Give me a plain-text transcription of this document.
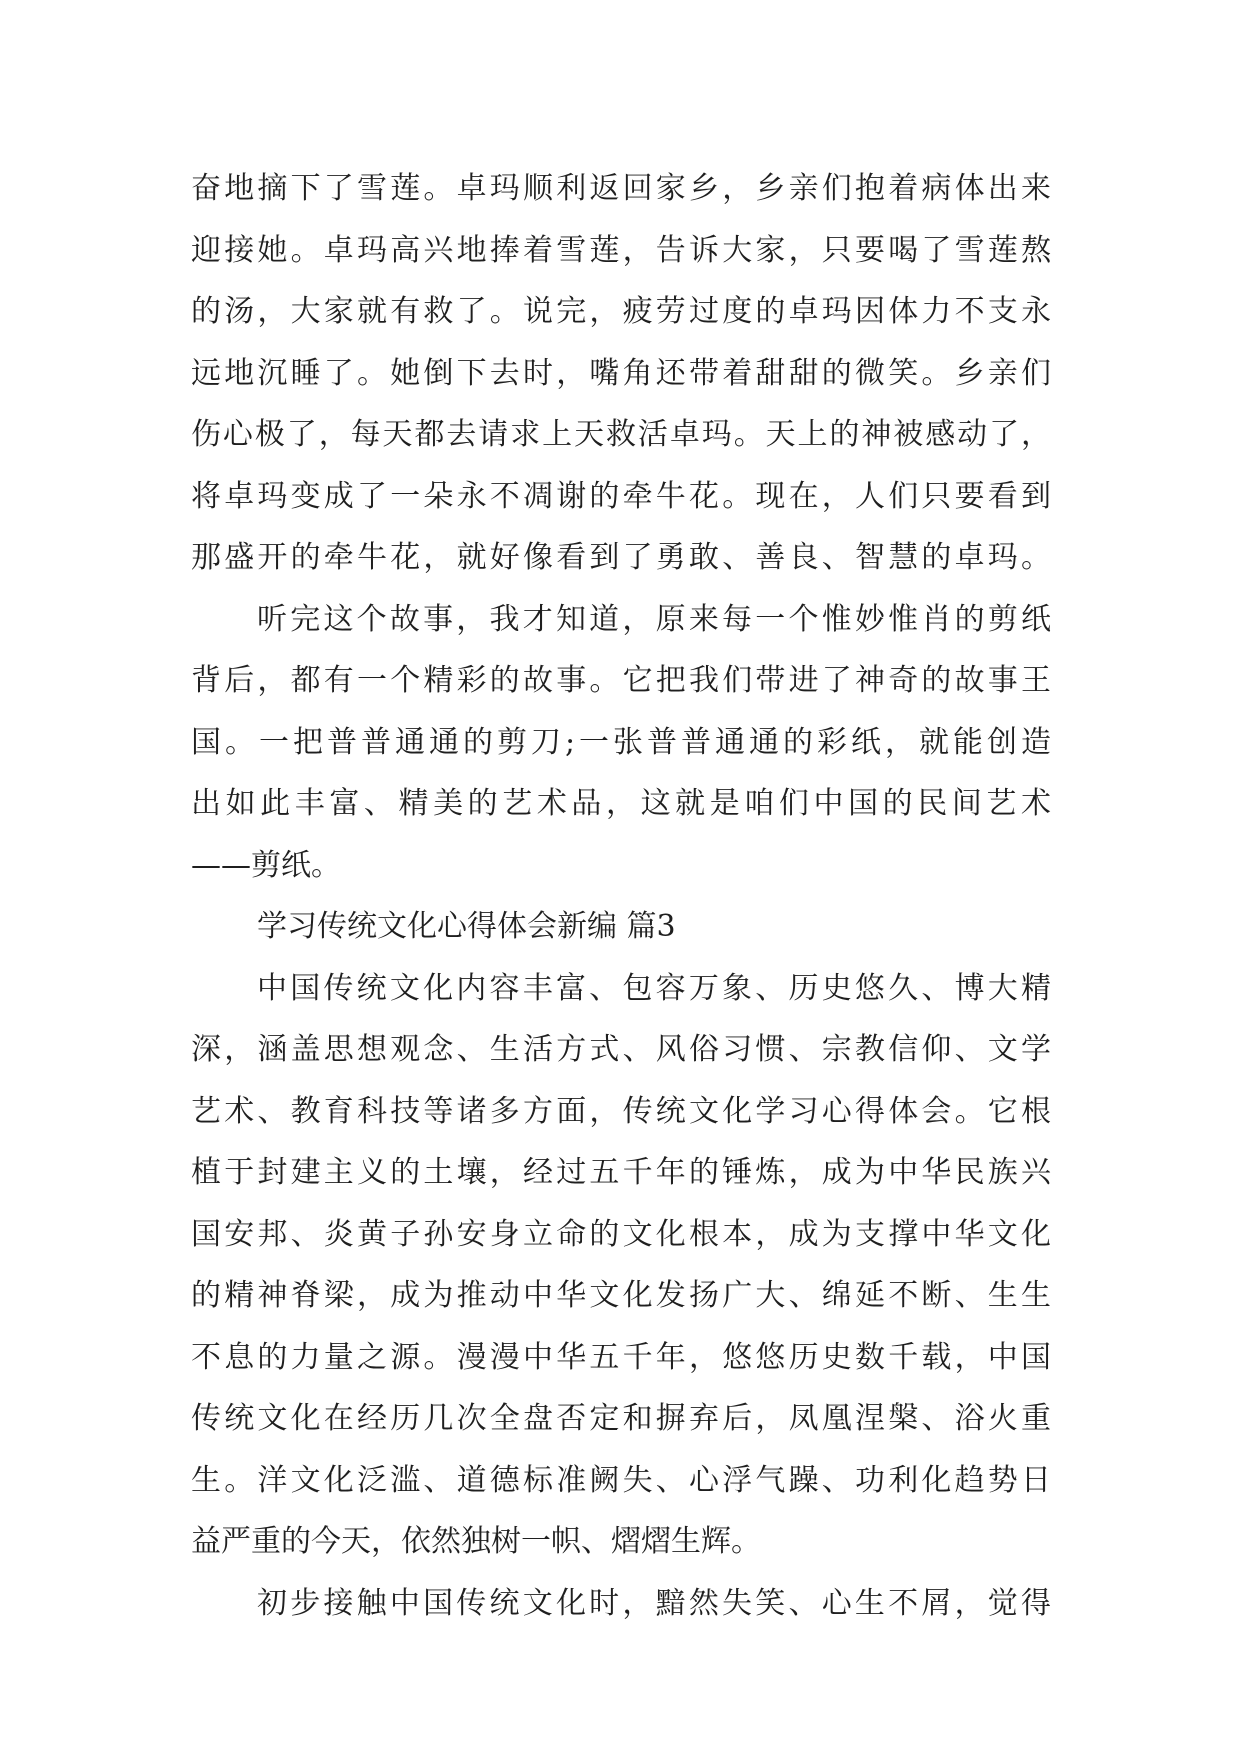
奋地摘下了雪莲。卓玛顺利返回家乡，乡亲们抱着病体出来
迎接她。卓玛高兴地捧着雪莲，告诉大家，只要喝了雪莲熬
的汤，大家就有救了。说完，疲劳过度的卓玛因体力不支永
远地沉睡了。她倒下去时，嘴角还带着甜甜的微笑。乡亲们
伤心极了，每天都去请求上天救活卓玛。天上的神被感动了，
将卓玛变成了一朵永不凋谢的牵牛花。现在，人们只要看到
那盛开的牵牛花，就好像看到了勇敢、善良、智慧的卓玛。
听完这个故事，我才知道，原来每一个惟妙惟肖的剪纸
背后，都有一个精彩的故事。它把我们带进了神奇的故事王
国。一把普普通通的剪刀;一张普普通通的彩纸，就能创造
出如此丰富、精美的艺术品，这就是咱们中国的民间艺术
——剪纸。
学习传统文化心得体会新编 篇3
中国传统文化内容丰富、包容万象、历史悠久、博大精
深，涵盖思想观念、生活方式、风俗习惯、宗教信仰、文学
艺术、教育科技等诸多方面，传统文化学习心得体会。它根
植于封建主义的土壤，经过五千年的锤炼，成为中华民族兴
国安邦、炎黄子孙安身立命的文化根本，成为支撑中华文化
的精神脊梁，成为推动中华文化发扬广大、绵延不断、生生
不息的力量之源。漫漫中华五千年，悠悠历史数千载，中国
传统文化在经历几次全盘否定和摒弃后，凤凰涅槃、浴火重
生。洋文化泛滥、道德标准阙失、心浮气躁、功利化趋势日
益严重的今天，依然独树一帜、熠熠生辉。
初步接触中国传统文化时，黯然失笑、心生不屑，觉得
